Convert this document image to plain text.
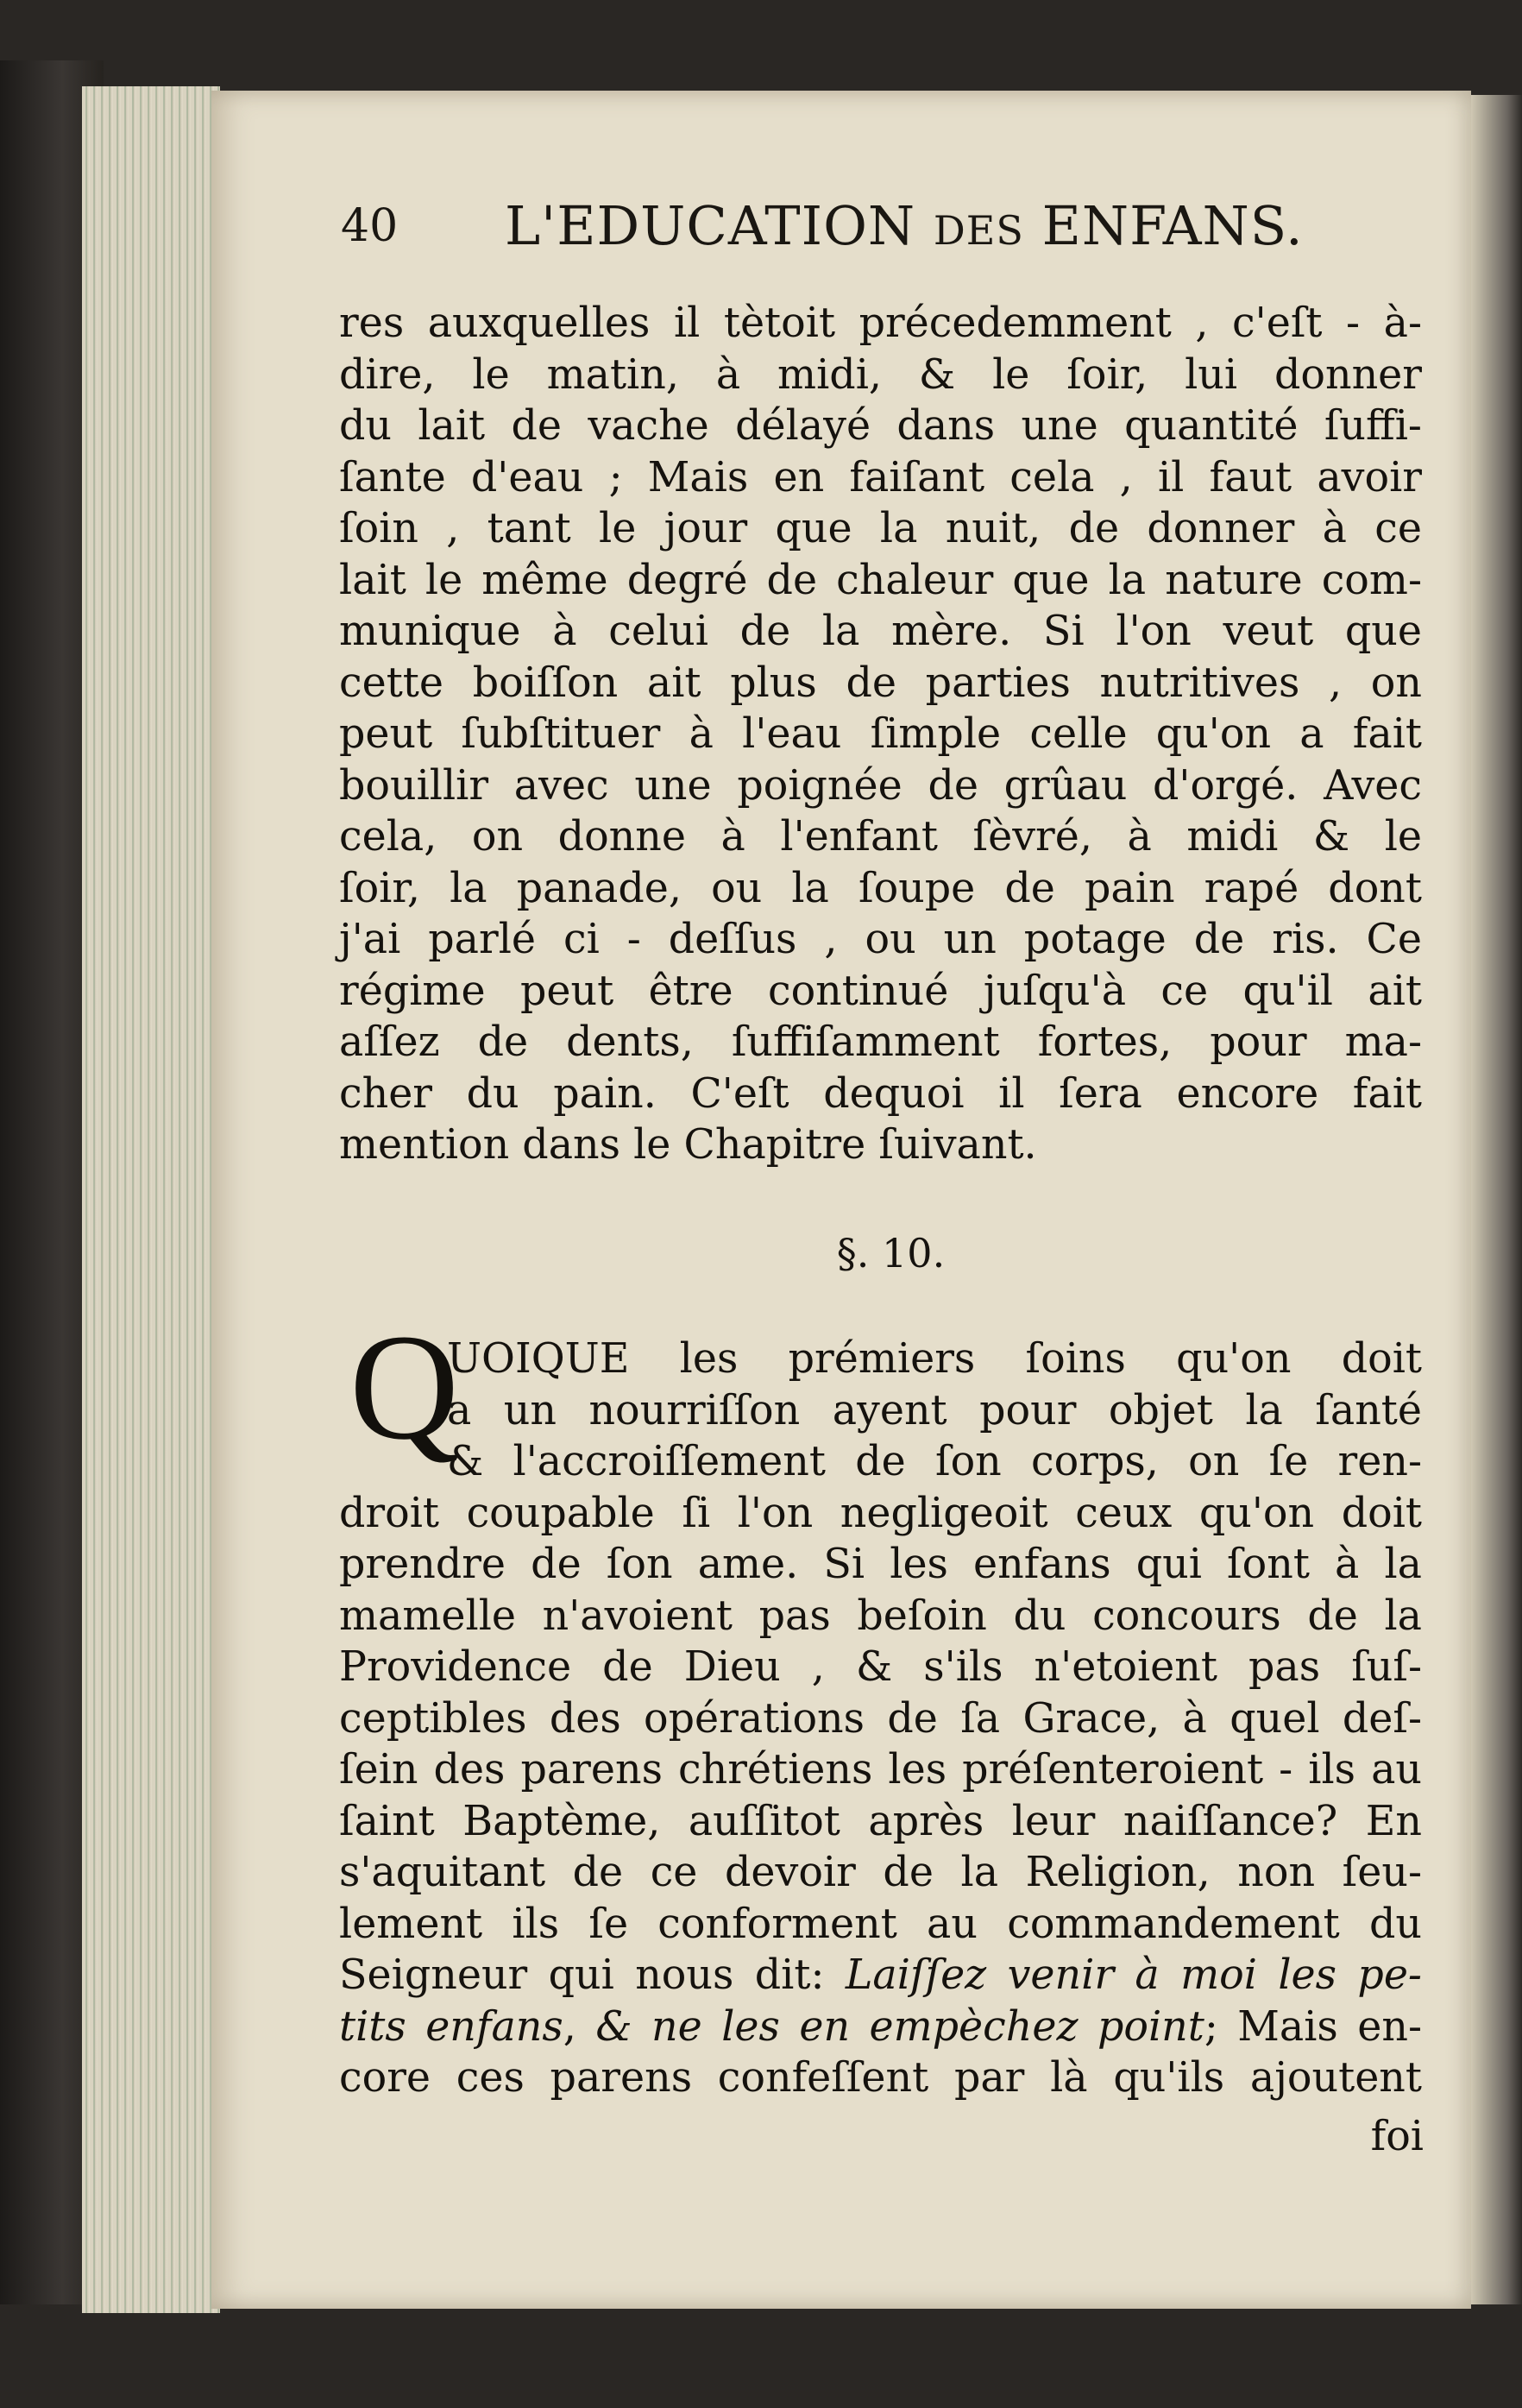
40 L'EDUCATION DES ENFANS.
res auxquelles il tètoit précedemment , c'eſt - à-
dire, le matin, à midi, & le ſoir, lui donner
du lait de vache délayé dans une quantité ſuffi-
ſante d'eau ; Mais en faiſant cela , il faut avoir
ſoin , tant le jour que la nuit, de donner à ce
lait le même degré de chaleur que la nature com-
munique à celui de la mère. Si l'on veut que
cette boiſſon ait plus de parties nutritives , on
peut ſubſtituer à l'eau ſimple celle qu'on a fait
bouillir avec une poignée de grûau d'orgé. Avec
cela, on donne à l'enfant ſèvré, à midi & le
ſoir, la panade, ou la ſoupe de pain rapé dont
j'ai parlé ci - deſſus , ou un potage de ris. Ce
régime peut être continué juſqu'à ce qu'il ait
aſſez de dents, ſuffiſamment fortes, pour ma-
cher du pain. C'eſt dequoi il ſera encore fait
mention dans le Chapitre ſuivant.
§. 10.
Q
UOIQUE les prémiers ſoins qu'on doit
a un nourriſſon ayent pour objet la ſanté
& l'accroiſſement de ſon corps, on ſe ren-
droit coupable ſi l'on negligeoit ceux qu'on doit
prendre de ſon ame. Si les enfans qui ſont à la
mamelle n'avoient pas beſoin du concours de la
Providence de Dieu , & s'ils n'etoient pas ſuſ-
ceptibles des opérations de ſa Grace, à quel deſ-
ſein des parens chrétiens les préſenteroient - ils au
ſaint Baptème, auſſitot après leur naiſſance? En
s'aquitant de ce devoir de la Religion, non ſeu-
lement ils ſe conforment au commandement du
Seigneur qui nous dit: Laiſſez venir à moi les pe-
tits enfans, & ne les en empèchez point; Mais en-
core ces parens confeſſent par là qu'ils ajoutent
foi
